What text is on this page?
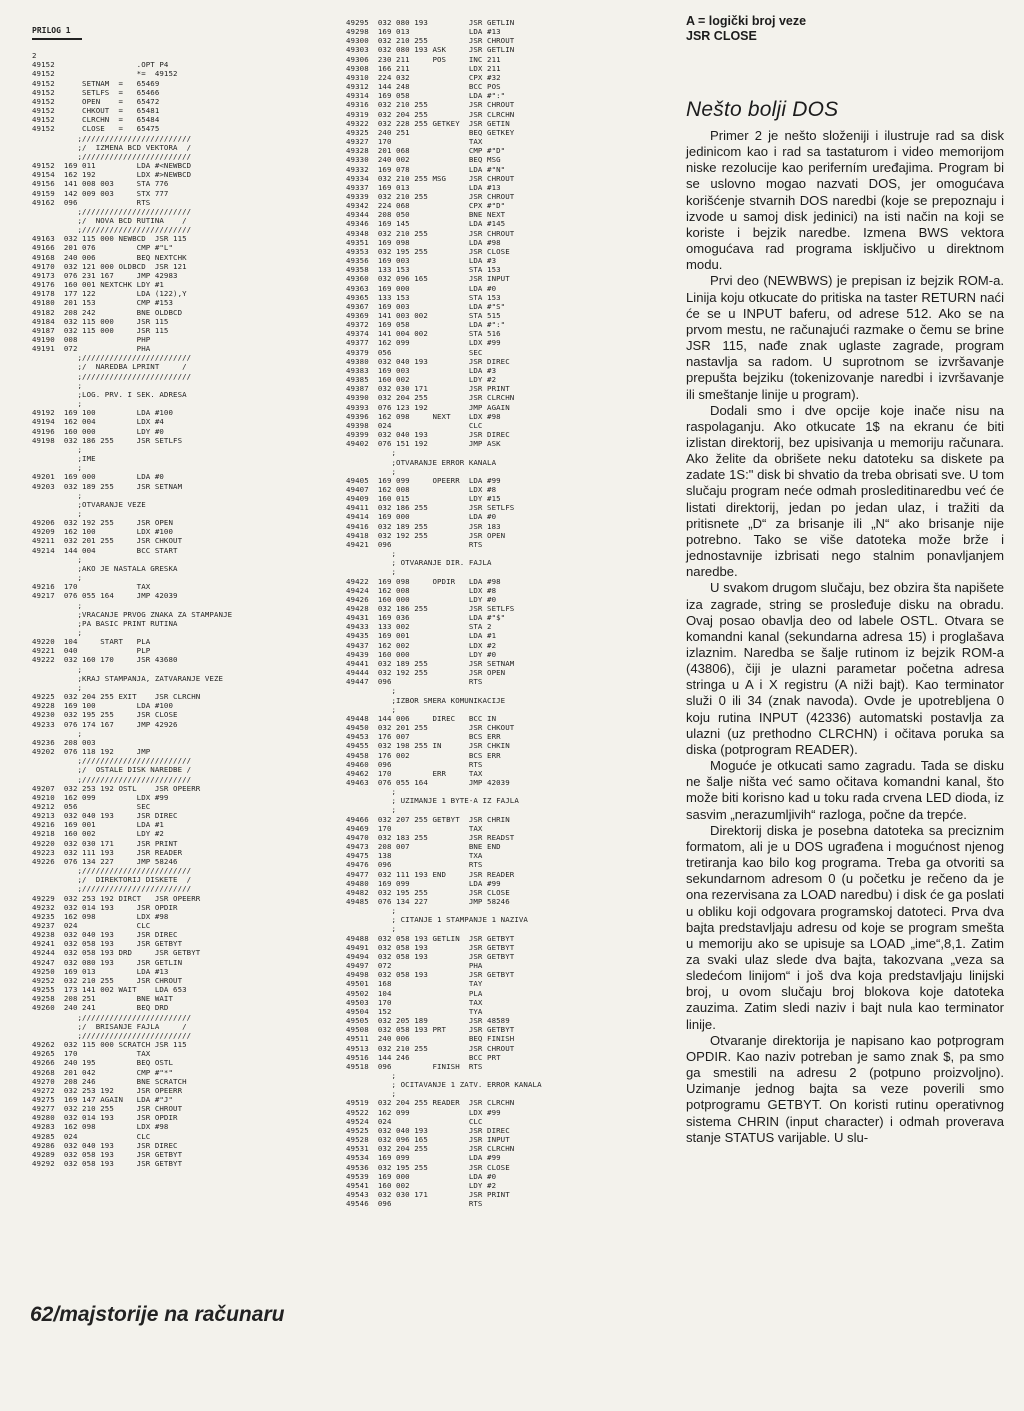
PRILOG 1

2
49152                  .OPT P4
49152                  *=  49152
49152      SETNAM  =   65469
49152      SETLFS  =   65466
49152      OPEN    =   65472
49152      CHKOUT  =   65481
49152      CLRCHN  =   65484
49152      CLOSE   =   65475
;////////////////////////
;/  IZMENA BCD VEKTORA  /
;////////////////////////
49152  169 011         LDA #<NEWBCD
49154  162 192         LDX #>NEWBCD
49156  141 008 003     STA 776
49159  142 009 003     STX 777
49162  096             RTS
;////////////////////////
;/  NOVA BCD RUTINA    /
;////////////////////////
49163  032 115 000 NEWBCD  JSR 115
49166  201 076         CMP #"L"
49168  240 006         BEQ NEXTCHK
49170  032 121 000 OLDBCD  JSR 121
49173  076 231 167     JMP 42983
49176  160 001 NEXTCHK LDY #1
49178  177 122         LDA (122),Y
49180  201 153         CMP #153
49182  208 242         BNE OLDBCD
49184  032 115 000     JSR 115
49187  032 115 000     JSR 115
49190  008             PHP
49191  072             PHA
;////////////////////////
;/  NAREDBA LPRINT     /
;////////////////////////
;
;LOG. PRV. I SEK. ADRESA
;
49192  169 100         LDA #100
49194  162 004         LDX #4
49196  160 000         LDY #0
49198  032 186 255     JSR SETLFS
;
;IME
;
49201  169 000         LDA #0
49203  032 189 255     JSR SETNAM
;
;OTVARANJE VEZE
;
49206  032 192 255     JSR OPEN
49209  162 100         LDX #100
49211  032 201 255     JSR CHKOUT
49214  144 004         BCC START
;
;AKO JE NASTALA GRESKA
;
49216  170             TAX
49217  076 055 164     JMP 42039
;
;VRACANJE PRVOG ZNAKA ZA STAMPANJE
;PA BASIC PRINT RUTINA
;
49220  104     START   PLA
49221  040             PLP
49222  032 160 170     JSR 43680
;
;KRAJ STAMPANJA, ZATVARANJE VEZE
;
49225  032 204 255 EXIT    JSR CLRCHN
49228  169 100         LDA #100
49230  032 195 255     JSR CLOSE
49233  076 174 167     JMP 42926
;
49236  208 003
49202  076 118 192     JMP
;////////////////////////
;/  OSTALE DISK NAREDBE /
;////////////////////////
49207  032 253 192 OSTL    JSR OPEERR
49210  162 099         LDX #99
49212  056             SEC
49213  032 040 193     JSR DIREC
49216  169 001         LDA #1
49218  160 002         LDY #2
49220  032 030 171     JSR PRINT
49223  032 111 193     JSR READER
49226  076 134 227     JMP 58246
;////////////////////////
;/  DIREKTORIJ DISKETE  /
;////////////////////////
49229  032 253 192 DIRCT   JSR OPEERR
49232  032 014 193     JSR OPDIR
49235  162 098         LDX #98
49237  024             CLC
49238  032 040 193     JSR DIREC
49241  032 058 193     JSR GETBYT
49244  032 058 193 DRD     JSR GETBYT
49247  032 080 193     JSR GETLIN
49250  169 013         LDA #13
49252  032 210 255     JSR CHROUT
49255  173 141 002 WAIT    LDA 653
49258  208 251         BNE WAIT
49260  240 241         BEQ DRD
;////////////////////////
;/  BRISANJE FAJLA     /
;////////////////////////
49262  032 115 000 SCRATCH JSR 115
49265  170             TAX
49266  240 195         BEQ OSTL
49268  201 042         CMP #"*"
49270  208 246         BNE SCRATCH
49272  032 253 192     JSR OPEERR
49275  169 147 AGAIN   LDA #"J"
49277  032 210 255     JSR CHROUT
49280  032 014 193     JSR OPDIR
49283  162 098         LDX #98
49285  024             CLC
49286  032 040 193     JSR DIREC
49289  032 058 193     JSR GETBYT
49292  032 058 193     JSR GETBYT
49295  032 080 193         JSR GETLIN
49298  169 013             LDA #13
49300  032 210 255         JSR CHROUT
49303  032 080 193 ASK     JSR GETLIN
49306  230 211     POS     INC 211
49308  166 211             LDX 211
49310  224 032             CPX #32
49312  144 248             BCC POS
49314  169 058             LDA #":"
49316  032 210 255         JSR CHROUT
49319  032 204 255         JSR CLRCHN
49322  032 228 255 GETKEY  JSR GETIN
49325  240 251             BEQ GETKEY
49327  170                 TAX
49328  201 068             CMP #"D"
49330  240 002             BEQ MSG
49332  169 078             LDA #"N"
49334  032 210 255 MSG     JSR CHROUT
49337  169 013             LDA #13
49339  032 210 255         JSR CHROUT
49342  224 068             CPX #"D"
49344  208 050             BNE NEXT
49346  169 145             LDA #145
49348  032 210 255         JSR CHROUT
49351  169 098             LDA #98
49353  032 195 255         JSR CLOSE
49356  169 003             LDA #3
49358  133 153             STA 153
49360  032 096 165         JSR INPUT
49363  169 000             LDA #0
49365  133 153             STA 153
49367  169 003             LDA #"S"
49369  141 003 002         STA 515
49372  169 058             LDA #":"
49374  141 004 002         STA 516
49377  162 099             LDX #99
49379  056                 SEC
49380  032 040 193         JSR DIREC
49383  169 003             LDA #3
49385  160 002             LDY #2
49387  032 030 171         JSR PRINT
49390  032 204 255         JSR CLRCHN
49393  076 123 192         JMP AGAIN
49396  162 098     NEXT    LDX #98
49398  024                 CLC
49399  032 040 193         JSR DIREC
49402  076 151 192         JMP ASK
;
;OTVARANJE ERROR KANALA
;
49405  169 099     OPEERR  LDA #99
49407  162 008             LDX #8
49409  160 015             LDY #15
49411  032 186 255         JSR SETLFS
49414  169 000             LDA #0
49416  032 189 255         JSR 183
49418  032 192 255         JSR OPEN
49421  096                 RTS
;
; OTVARANJE DIR. FAJLA
;
49422  169 098     OPDIR   LDA #98
49424  162 008             LDX #8
49426  160 000             LDY #0
49428  032 186 255         JSR SETLFS
49431  169 036             LDA #"$"
49433  133 002             STA 2
49435  169 001             LDA #1
49437  162 002             LDX #2
49439  160 000             LDY #0
49441  032 189 255         JSR SETNAM
49444  032 192 255         JSR OPEN
49447  096                 RTS
;
;IZBOR SMERA KOMUNIKACIJE
;
49448  144 006     DIREC   BCC IN
49450  032 201 255         JSR CHKOUT
49453  176 007             BCS ERR
49455  032 198 255 IN      JSR CHKIN
49458  176 002             BCS ERR
49460  096                 RTS
49462  170         ERR     TAX
49463  076 055 164         JMP 42039
;
; UZIMANJE 1 BYTE-A IZ FAJLA
;
49466  032 207 255 GETBYT  JSR CHRIN
49469  170                 TAX
49470  032 183 255         JSR READST
49473  208 007             BNE END
49475  138                 TXA
49476  096                 RTS
49477  032 111 193 END     JSR READER
49480  169 099             LDA #99
49482  032 195 255         JSR CLOSE
49485  076 134 227         JMP 58246
;
; CITANJE 1 STAMPANJE 1 NAZIVA
;
49488  032 058 193 GETLIN  JSR GETBYT
49491  032 058 193         JSR GETBYT
49494  032 058 193         JSR GETBYT
49497  072                 PHA
49498  032 058 193         JSR GETBYT
49501  168                 TAY
49502  104                 PLA
49503  170                 TAX
49504  152                 TYA
49505  032 205 189         JSR 48589
49508  032 058 193 PRT     JSR GETBYT
49511  240 006             BEQ FINISH
49513  032 210 255         JSR CHROUT
49516  144 246             BCC PRT
49518  096         FINISH  RTS
;
; OCITAVANJE 1 ZATV. ERROR KANALA
;
49519  032 204 255 READER  JSR CLRCHN
49522  162 099             LDX #99
49524  024                 CLC
49525  032 040 193         JSR DIREC
49528  032 096 165         JSR INPUT
49531  032 204 255         JSR CLRCHN
49534  169 099             LDA #99
49536  032 195 255         JSR CLOSE
49539  169 000             LDA #0
49541  160 002             LDY #2
49543  032 030 171         JSR PRINT
49546  096                 RTS
62/majstorije na računaru
A = logički broj veze
JSR CLOSE
Nešto bolji DOS

Primer 2 je nešto složeniji i ilustruje rad sa disk jedinicom kao i rad sa tastaturom i video memorijom niske rezolucije kao periferním uređajima. Program bi se uslovno mogao nazvati DOS, jer omogućava korišćenje stvarnih DOS naredbi (koje se prepoznaju i izvode u samoj disk jedinici) na isti način na koji se koriste i bejzik naredbe. Izmena BWS vektora omogućava rad programa isključivo u direktnom modu.

Prvi deo (NEWBWS) je prepisan iz bejzik ROM-a. Linija koju otkucate do pritiska na taster RETURN naći će se u INPUT baferu, od adrese 512. Ako se na prvom mestu, ne računajući razmake o čemu se brine JSR 115, nađe znak uglaste zagrade, program nastavlja sa radom. U suprotnom se izvršavanje prepušta bejziku (tokenizovanje naredbi i izvršavanje ili smeštanje linije u program).

Dodali smo i dve opcije koje inače nisu na raspolaganju. Ako otkucate 1$ na ekranu će biti izlistan direktorij, bez upisivanja u memoriju računara. Ako želite da obrišete neku datoteku sa diskete pa zadate 1S:" disk bi shvatio da treba obrisati sve. U tom slučaju program neće odmah prosleditinaredbu već će listati direktorij, jedan po jedan ulaz, i tražiti da pritisnete „D“ za brisanje ili „N“ ako brisanje nije potrebno. Tako se više datoteka može brže i jednostavnije izbrisati nego stalnim ponavljanjem naredbe.

U svakom drugom slučaju, bez obzira šta napišete iza zagrade, string se prosleđuje disku na obradu. Ovaj posao obavlja deo od labele OSTL. Otvara se komandni kanal (sekundarna adresa 15) i proglašava izlaznim. Naredba se šalje rutinom iz bejzik ROM-a (43806), čiji je ulazni parametar početna adresa stringa u A i X registru (A niži bajt). Kao terminator služi 0 ili 34 (znak navoda). Ovde je upotrebljena 0 koju rutina INPUT (42336) automatski postavlja za ulazni (uz prethodno CLRCHN) i očitava poruka sa diska (potprogram READER).

Moguće je otkucati samo zagradu. Tada se disku ne šalje ništa već samo očitava komandni kanal, što može biti korisno kad u toku rada crvena LED dioda, iz sasvim „nerazumljivih“ razloga, počne da trepće.

Direktorij diska je posebna datoteka sa preciznim formatom, ali je u DOS ugrađena i mogućnost njenog tretiranja kao bilo kog programa. Treba ga otvoriti sa sekundarnom adresom 0 (u početku je rečeno da je ona rezervisana za LOAD naredbu) i disk će ga poslati u obliku koji odgovara programskoj datoteci. Prva dva bajta predstavljaju adresu od koje se program smešta u memoriju ako se upisuje sa LOAD „ime“,8,1. Zatim za svaki ulaz slede dva bajta, takozvana „veza sa sledećom linijom“ i još dva koja predstavljaju linijski broj, u ovom slučaju broj blokova koje datoteka zauzima. Zatim sledi naziv i bajt nula kao terminator linije.

Otvaranje direktorija je napisano kao potprogram OPDIR. Kao naziv potreban je samo znak $, pa smo ga smestili na adresu 2 (potpuno proizvoljno). Uzimanje jednog bajta sa veze poverili smo potprogramu GETBYT. On koristi rutinu operativnog sistema CHRIN (input character) i odmah proverava stanje STATUS varijable. U slu-
